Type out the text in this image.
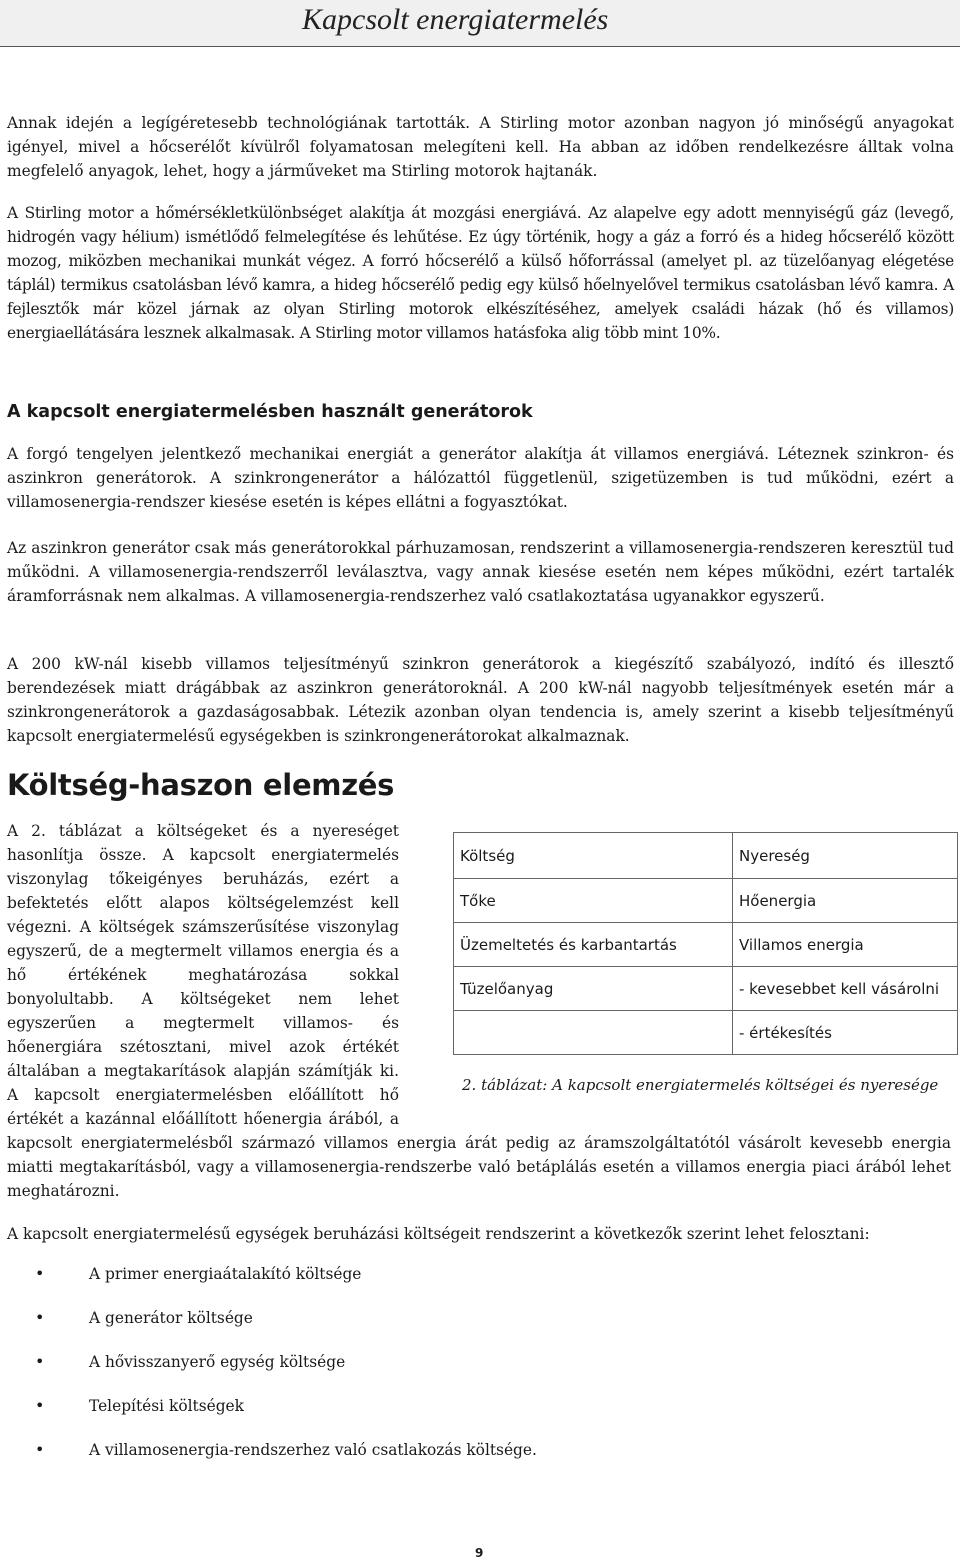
Kapcsolt energiatermelés

Annak idején a legígéretesebb technológiának tartották. A Stirling motor azonban nagyon jó minőségű anyagokat igényel, mivel a hőcserélőt kívülről folyamatosan melegíteni kell. Ha abban az időben rendelkezésre álltak volna megfelelő anyagok, lehet, hogy a járműveket ma Stirling motorok hajtanák.

A Stirling motor a hőmérsékletkülönbséget alakítja át mozgási energiává. Az alapelve egy adott mennyiségű gáz (levegő, hidrogén vagy hélium) ismétlődő felmelegítése és lehűtése. Ez úgy történik, hogy a gáz a forró és a hideg hőcserélő között mozog, miközben mechanikai munkát végez. A forró hőcserélő a külső hőforrással (amelyet pl. az tüzelőanyag elégetése táplál) termikus csatolásban lévő kamra, a hideg hőcserélő pedig egy külső hőelnyelővel termikus csatolásban lévő kamra. A fejlesztők már közel járnak az olyan Stirling motorok elkészítéséhez, amelyek családi házak (hő és villamos) energiaellátására lesznek alkalmasak. A Stirling motor villamos hatásfoka alig több mint 10%.

A kapcsolt energiatermelésben használt generátorok

A forgó tengelyen jelentkező mechanikai energiát a generátor alakítja át villamos energiává. Léteznek szinkron- és aszinkron generátorok. A szinkrongenerátor a hálózattól függetlenül, szigetüzemben is tud működni, ezért a villamosenergia-rendszer kiesése esetén is képes ellátni a fogyasztókat.

Az aszinkron generátor csak más generátorokkal párhuzamosan, rendszerint a villamosenergia-rendszeren keresztül tud működni. A villamosenergia-rendszerről leválasztva, vagy annak kiesése esetén nem képes működni, ezért tartalék áramforrásnak nem alkalmas. A villamosenergia-rendszerhez való csatlakoztatása ugyanakkor egyszerű.

A 200 kW-nál kisebb villamos teljesítményű szinkron generátorok a kiegészítő szabályozó, indító és illesztő berendezések miatt drágábbak az aszinkron generátoroknál. A 200 kW-nál nagyobb teljesítmények esetén már a szinkrongenerátorok a gazdaságosabbak. Létezik azonban olyan tendencia is, amely szerint a kisebb teljesítményű kapcsolt energiatermelésű egységekben is szinkrongenerátorokat alkalmaznak.

Költség-haszon elemzés

A 2. táblázat a költségeket és a nyereséget hasonlítja össze. A kapcsolt energiatermelés viszonylag tőkeigényes beruházás, ezért a befektetés előtt alapos költségelemzést kell végezni. A költségek számszerűsítése viszonylag egyszerű, de a megtermelt villamos energia és a hő értékének meghatározása sokkal bonyolultabb. A költségeket nem lehet egyszerűen a megtermelt villamos- és hőenergiára szétosztani, mivel azok értékét általában a megtakarítások alapján számítják ki. A kapcsolt energiatermelésben előállított hő értékét a kazánnal előállított hőenergia árából, a kapcsolt energiatermelésből származó villamos energia árát pedig az áramszolgáltatótól vásárolt kevesebb energia miatti megtakarításból, vagy a villamosenergia-rendszerbe való betáplálás esetén a villamos energia piaci árából lehet meghatározni.

Költség	Nyereség
Tőke	Hőenergia
Üzemeltetés és karbantartás	Villamos energia
Tüzelőanyag	- kevesebbet kell vásárolni
	- értékesítés
2. táblázat: A kapcsolt energiatermelés költségei és nyeresége

A kapcsolt energiatermelésű egységek beruházási költségeit rendszerint a következők szerint lehet felosztani:

•	A primer energiaátalakító költsége
•	A generátor költsége
•	A hővisszanyerő egység költsége
•	Telepítési költségek
•	A villamosenergia-rendszerhez való csatlakozás költsége.
9
